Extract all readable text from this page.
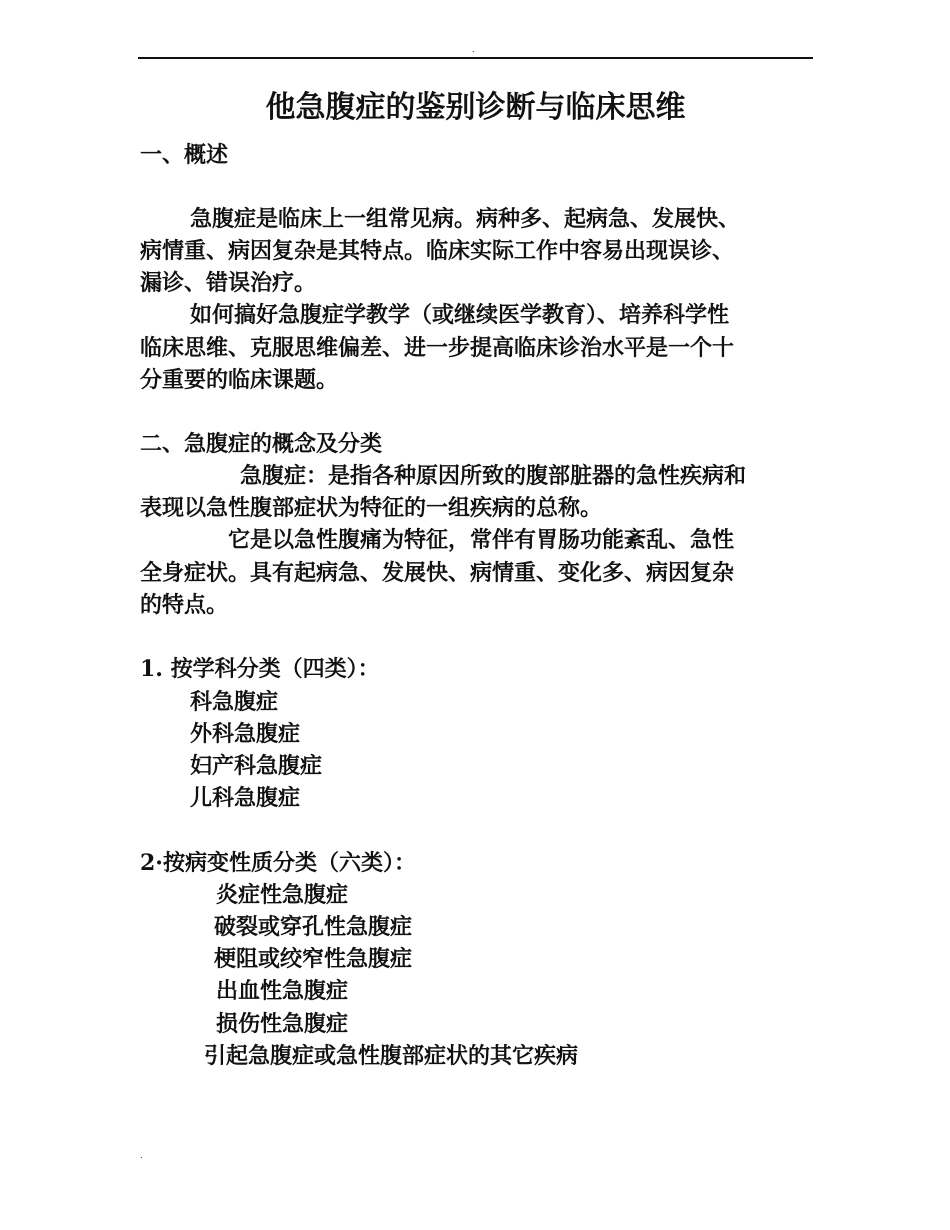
.
他急腹症的鉴别诊断与临床思维
一、概述
急腹症是临床上一组常见病。病种多、起病急、发展快、
病情重、病因复杂是其特点。临床实际工作中容易出现误诊、
漏诊、错误治疗。
如何搞好急腹症学教学（或继续医学教育）、培养科学性
临床思维、克服思维偏差、进一步提高临床诊治水平是一个十
分重要的临床课题。
二、急腹症的概念及分类
急腹症：是指各种原因所致的腹部脏器的急性疾病和
表现以急性腹部症状为特征的一组疾病的总称。
它是以急性腹痛为特征，常伴有胃肠功能紊乱、急性
全身症状。具有起病急、发展快、病情重、变化多、病因复杂
的特点。
1. 按学科分类（四类）：
科急腹症
外科急腹症
妇产科急腹症
儿科急腹症
2·按病变性质分类（六类）：
炎症性急腹症
破裂或穿孔性急腹症
梗阻或绞窄性急腹症
出血性急腹症
损伤性急腹症
引起急腹症或急性腹部症状的其它疾病
.
